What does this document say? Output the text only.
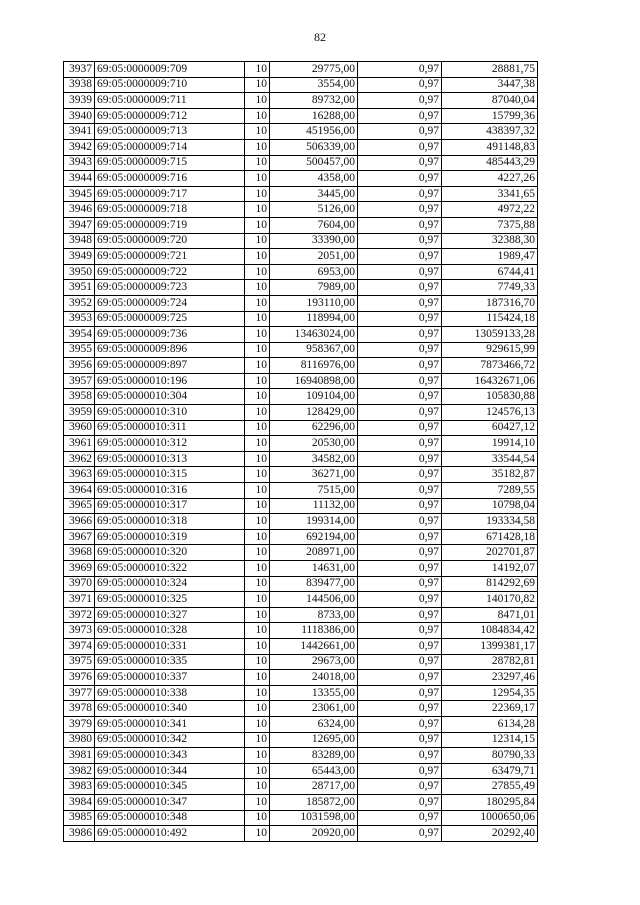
82
3937	69:05:0000009:709	10	29775,00	0,97	28881,75
3938	69:05:0000009:710	10	3554,00	0,97	3447,38
3939	69:05:0000009:711	10	89732,00	0,97	87040,04
3940	69:05:0000009:712	10	16288,00	0,97	15799,36
3941	69:05:0000009:713	10	451956,00	0,97	438397,32
3942	69:05:0000009:714	10	506339,00	0,97	491148,83
3943	69:05:0000009:715	10	500457,00	0,97	485443,29
3944	69:05:0000009:716	10	4358,00	0,97	4227,26
3945	69:05:0000009:717	10	3445,00	0,97	3341,65
3946	69:05:0000009:718	10	5126,00	0,97	4972,22
3947	69:05:0000009:719	10	7604,00	0,97	7375,88
3948	69:05:0000009:720	10	33390,00	0,97	32388,30
3949	69:05:0000009:721	10	2051,00	0,97	1989,47
3950	69:05:0000009:722	10	6953,00	0,97	6744,41
3951	69:05:0000009:723	10	7989,00	0,97	7749,33
3952	69:05:0000009:724	10	193110,00	0,97	187316,70
3953	69:05:0000009:725	10	118994,00	0,97	115424,18
3954	69:05:0000009:736	10	13463024,00	0,97	13059133,28
3955	69:05:0000009:896	10	958367,00	0,97	929615,99
3956	69:05:0000009:897	10	8116976,00	0,97	7873466,72
3957	69:05:0000010:196	10	16940898,00	0,97	16432671,06
3958	69:05:0000010:304	10	109104,00	0,97	105830,88
3959	69:05:0000010:310	10	128429,00	0,97	124576,13
3960	69:05:0000010:311	10	62296,00	0,97	60427,12
3961	69:05:0000010:312	10	20530,00	0,97	19914,10
3962	69:05:0000010:313	10	34582,00	0,97	33544,54
3963	69:05:0000010:315	10	36271,00	0,97	35182,87
3964	69:05:0000010:316	10	7515,00	0,97	7289,55
3965	69:05:0000010:317	10	11132,00	0,97	10798,04
3966	69:05:0000010:318	10	199314,00	0,97	193334,58
3967	69:05:0000010:319	10	692194,00	0,97	671428,18
3968	69:05:0000010:320	10	208971,00	0,97	202701,87
3969	69:05:0000010:322	10	14631,00	0,97	14192,07
3970	69:05:0000010:324	10	839477,00	0,97	814292,69
3971	69:05:0000010:325	10	144506,00	0,97	140170,82
3972	69:05:0000010:327	10	8733,00	0,97	8471,01
3973	69:05:0000010:328	10	1118386,00	0,97	1084834,42
3974	69:05:0000010:331	10	1442661,00	0,97	1399381,17
3975	69:05:0000010:335	10	29673,00	0,97	28782,81
3976	69:05:0000010:337	10	24018,00	0,97	23297,46
3977	69:05:0000010:338	10	13355,00	0,97	12954,35
3978	69:05:0000010:340	10	23061,00	0,97	22369,17
3979	69:05:0000010:341	10	6324,00	0,97	6134,28
3980	69:05:0000010:342	10	12695,00	0,97	12314,15
3981	69:05:0000010:343	10	83289,00	0,97	80790,33
3982	69:05:0000010:344	10	65443,00	0,97	63479,71
3983	69:05:0000010:345	10	28717,00	0,97	27855,49
3984	69:05:0000010:347	10	185872,00	0,97	180295,84
3985	69:05:0000010:348	10	1031598,00	0,97	1000650,06
3986	69:05:0000010:492	10	20920,00	0,97	20292,40
